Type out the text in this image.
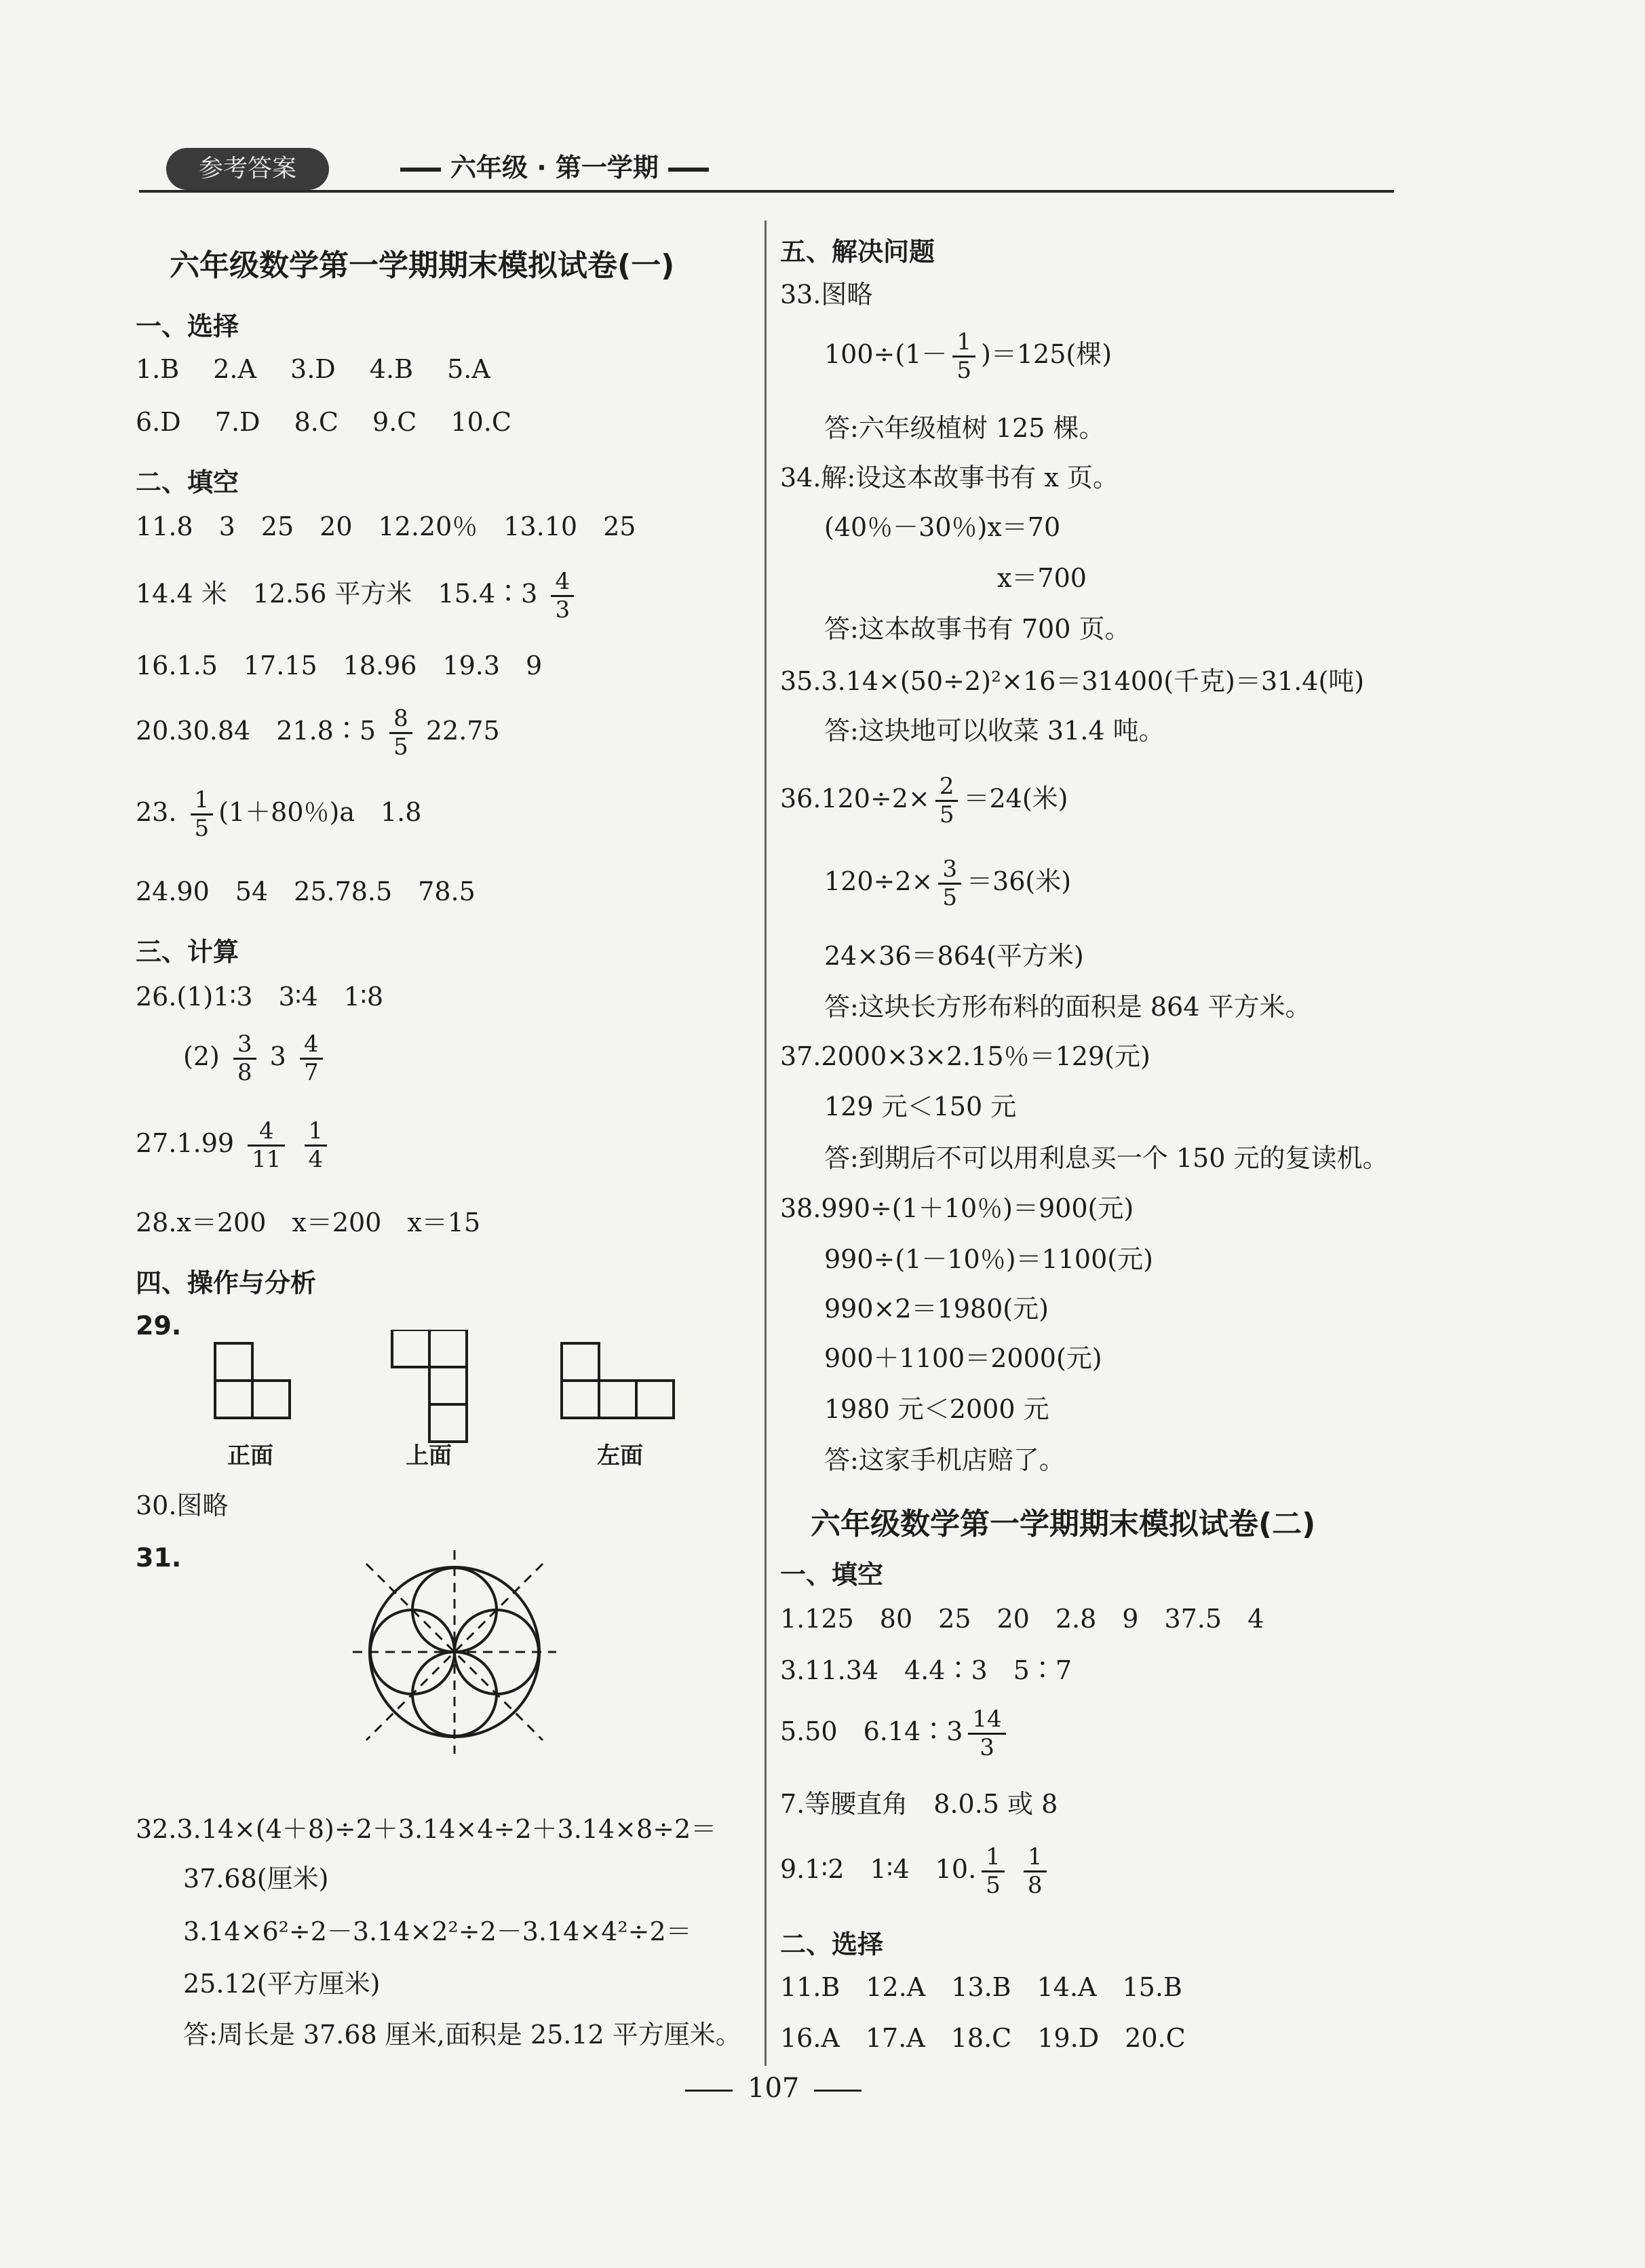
参考答案	六年级 · 第一学期
六年级数学第一学期期末模拟试卷(一)
一、选择
1.B　 2.A　 3.D　 4.B　 5.A
6.D　 7.D　 8.C　 9.C　 10.C
二、填空
11.8　3　25　20　12.20％　13.10　25
14.4 米　12.56 平方米　15.4∶3 $\frac{4}{3}$
16.1.5　17.15　18.96　19.3　9
20.30.84　21.8∶5 $\frac{8}{5} 22.75$
23. $\frac{1}{5} (1+80$％)a　1.8
24.90　54　25.78.5　78.5
三、计算
26.(1)1∶3　3∶4　1∶8
$(2) \frac{3}{8} 3 \frac{4}{7}$
$27.1.99 \frac{4}{11}$
$\frac{1}{4}$
28.x＝200　x＝200　x＝15
四、操作与分析
29.
正面	上面	左面
30.图略
31.
32.3.14×(4＋8)÷2＋3.14×4÷2＋3.14×8÷2＝
37.68(厘米)
3.14×6²÷2－3.14×2²÷2－3.14×4²÷2＝
25.12(平方厘米)
答:周长是 37.68 厘米,面积是 25.12 平方厘米。
五、解决问题
33.图略
$100\div(1- \frac{1}{5} )=125$(棵)
答:六年级植树 125 棵。
34.解:设这本故事书有 x 页。
(40％－30％)x＝70
x＝700
答:这本故事书有 700 页。
35.3.14×(50÷2)²×16＝31400(千克)＝31.4(吨)
答:这块地可以收菜 31.4 吨。
$36.120\div 2\times \frac{2}{5} =24$(米)
$120\div 2\times \frac{3}{5} =36$(米)
24×36＝864(平方米)
答:这块长方形布料的面积是 864 平方米。
37.2000×3×2.15％＝129(元)
129 元＜150 元
答:到期后不可以用利息买一个 150 元的复读机。
38.990÷(1＋10％)＝900(元)
990÷(1－10％)＝1100(元)
990×2＝1980(元)
900＋1100＝2000(元)
1980 元＜2000 元
答:这家手机店赔了。
六年级数学第一学期期末模拟试卷(二)
一、填空
1.125　80　25　20　2.8　9　37.5　4
3.11.34　4.4∶3　5∶7
5.50　6.14∶3 $\frac{14}{3}$
7.等腰直角　8.0.5 或 8
9.1∶2　1∶4　10. $\frac{1}{5}$
$\frac{1}{8}$
二、选择
11.B　12.A　13.B　14.A　15.B
16.A　17.A　18.C　19.D　20.C
107
